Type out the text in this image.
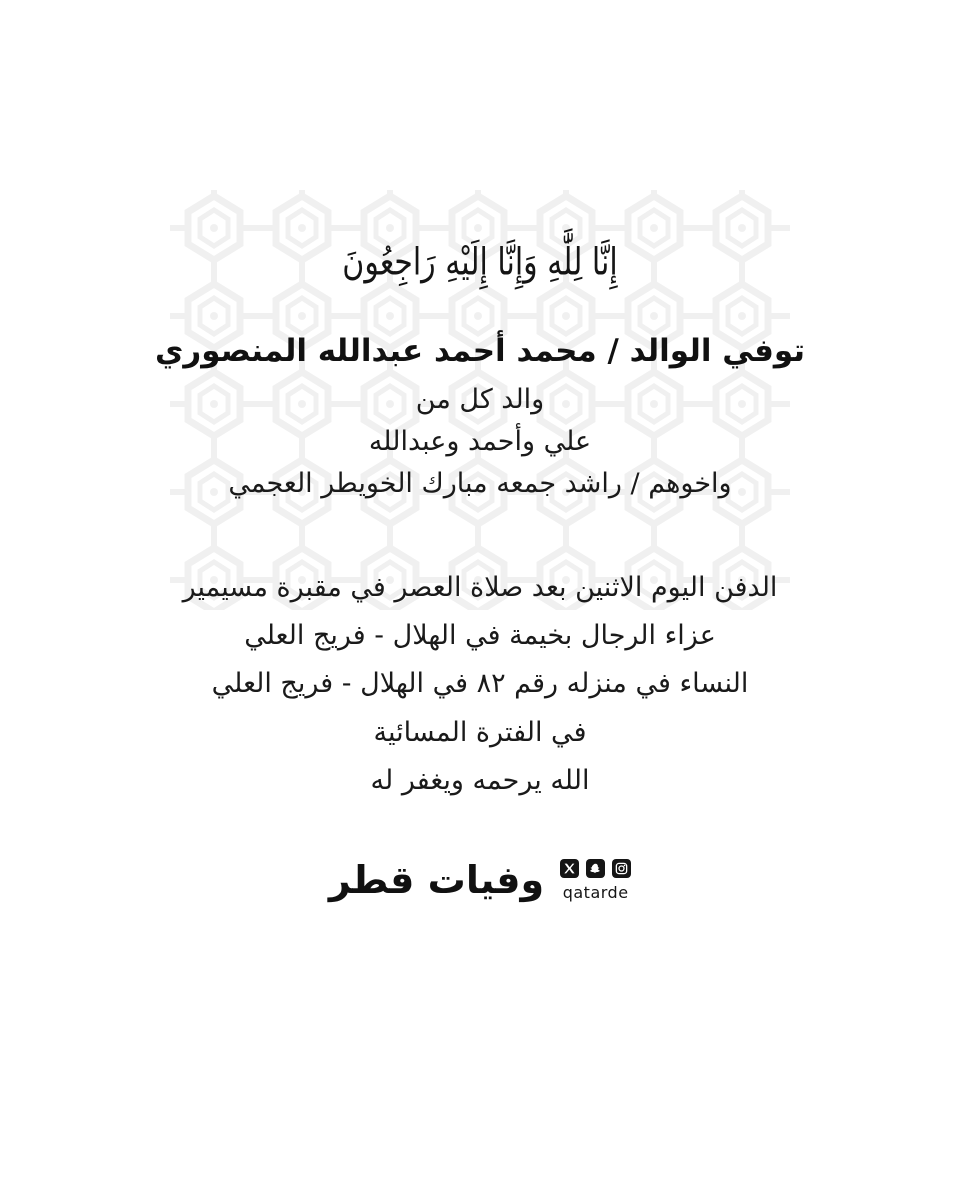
إِنَّا لِلَّٰهِ وَإِنَّا إِلَيْهِ رَاجِعُونَ
توفي الوالد / محمد أحمد عبدالله المنصوري
والد كل من
علي وأحمد وعبدالله
واخوهم / راشد جمعه مبارك الخويطر العجمي
الدفن اليوم الاثنين بعد صلاة العصر في مقبرة مسيمير
عزاء الرجال بخيمة في الهلال - فريج العلي
النساء في منزله رقم ٨٢ في الهلال - فريج العلي
في الفترة المسائية
الله يرحمه ويغفر له
وفيات قطر qatarde
